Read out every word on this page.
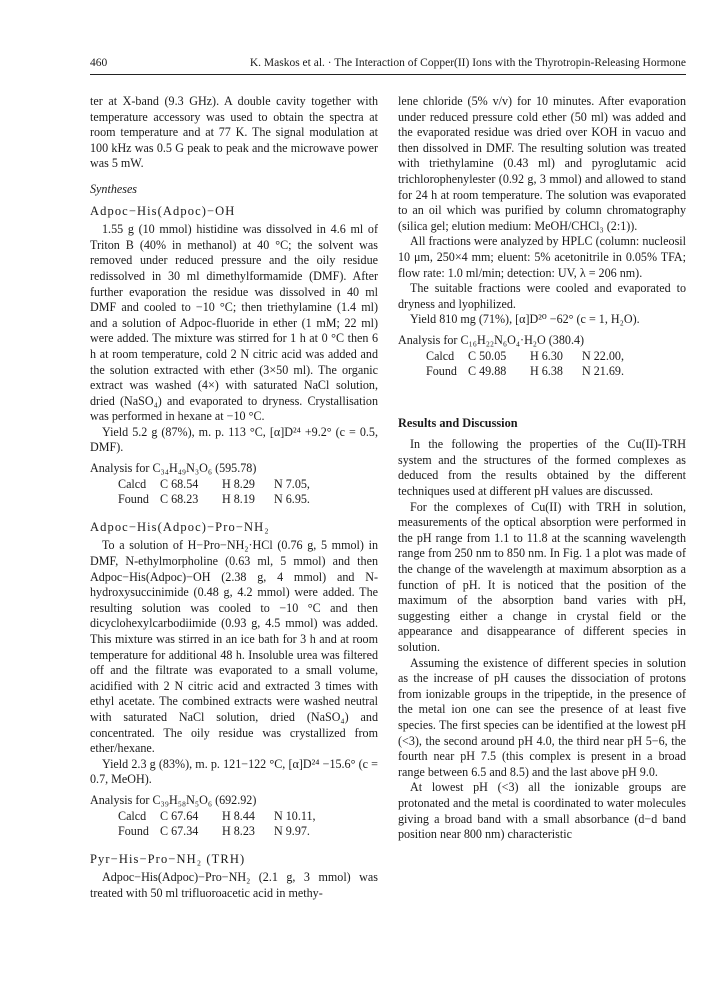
460	K. Maskos et al. · The Interaction of Copper(II) Ions with the Thyrotropin-Releasing Hormone

ter at X-band (9.3 GHz). A double cavity together with temperature accessory was used to obtain the spectra at room temperature and at 77 K. The signal modulation at 100 kHz was 0.5 G peak to peak and the microwave power was 5 mW.

Syntheses

Adpoc−His(Adpoc)−OH

1.55 g (10 mmol) histidine was dissolved in 4.6 ml of Triton B (40% in methanol) at 40 °C; the solvent was removed under reduced pressure and the oily residue redissolved in 30 ml dimethylformamide (DMF). After further evaporation the residue was dissolved in 40 ml DMF and cooled to −10 °C; then triethylamine (1.4 ml) and a solution of Adpoc-fluoride in ether (1 mM; 22 ml) were added. The mixture was stirred for 1 h at 0 °C then 6 h at room temperature, cold 2 N citric acid was added and the solution extracted with ether (3×50 ml). The organic extract was washed (4×) with saturated NaCl solution, dried (NaSO₄) and evaporated to dryness. Crystallisation was performed in hexane at −10 °C.

Yield 5.2 g (87%), m. p. 113 °C, [α]D²⁴ +9.2° (c = 0.5, DMF).

Analysis for C₃₄H₄₉N₃O₆ (595.78)

Calcd	C 68.54	H 8.29	N 7.05,
Found C 68.23	H 8.19	N 6.95.

Adpoc−His(Adpoc)−Pro−NH₂

To a solution of H−Pro−NH₂·HCl (0.76 g, 5 mmol) in DMF, N-ethylmorpholine (0.63 ml, 5 mmol) and then Adpoc−His(Adpoc)−OH (2.38 g, 4 mmol) and N-hydroxysuccinimide (0.48 g, 4.2 mmol) were added. The resulting solution was cooled to −10 °C and then dicyclohexylcarbodiimide (0.93 g, 4.5 mmol) was added. This mixture was stirred in an ice bath for 3 h and at room temperature for additional 48 h. Insoluble urea was filtered off and the filtrate was evaporated to a small volume, acidified with 2 N citric acid and extracted 3 times with ethyl acetate. The combined extracts were washed neutral with saturated NaCl solution, dried (NaSO₄) and concentrated. The oily residue was crystallized from ether/hexane.

Yield 2.3 g (83%), m. p. 121−122 °C, [α]D²⁴ −15.6° (c = 0.7, MeOH).

Analysis for C₃₉H₅₈N₅O₆ (692.92)

Calcd	C 67.64	H 8.44	N 10.11,
Found C 67.34	H 8.23	N 9.97.

Pyr−His−Pro−NH₂ (TRH)

Adpoc−His(Adpoc)−Pro−NH₂ (2.1 g, 3 mmol) was treated with 50 ml trifluoroacetic acid in methy-

lene chloride (5% v/v) for 10 minutes. After evaporation under reduced pressure cold ether (50 ml) was added and the evaporated residue was dried over KOH in vacuo and then dissolved in DMF. The resulting solution was treated with triethylamine (0.43 ml) and pyroglutamic acid trichlorophenylester (0.92 g, 3 mmol) and allowed to stand for 24 h at room temperature. The solution was evaporated to an oil which was purified by column chromatography (silica gel; elution medium: MeOH/CHCl₃ (2:1)).

All fractions were analyzed by HPLC (column: nucleosil 10 μm, 250×4 mm; eluent: 5% acetonitrile in 0.05% TFA; flow rate: 1.0 ml/min; detection: UV, λ = 206 nm).

The suitable fractions were cooled and evaporated to dryness and lyophilized.

Yield 810 mg (71%), [α]D²⁰ −62° (c = 1, H₂O).

Analysis for C₁₆H₂₂N₆O₄·H₂O (380.4)

Calcd	C 50.05	H 6.30	N 22.00,
Found C 49.88	H 6.38	N 21.69.

Results and Discussion

In the following the properties of the Cu(II)-TRH system and the structures of the formed complexes as deduced from the results obtained by the different techniques used at different pH values are discussed.

For the complexes of Cu(II) with TRH in solution, measurements of the optical absorption were performed in the pH range from 1.1 to 11.8 at the scanning wavelength range from 250 nm to 850 nm. In Fig. 1 a plot was made of the change of the wavelength at maximum absorption as a function of pH. It is noticed that the position of the maximum of the absorption band varies with pH, suggesting either a change in crystal field or the appearance and disappearance of different species in solution.

Assuming the existence of different species in solution as the increase of pH causes the dissociation of protons from ionizable groups in the tripeptide, in the presence of the metal ion one can see the presence of at least five species. The first species can be identified at the lowest pH (<3), the second around pH 4.0, the third near pH 5−6, the fourth near pH 7.5 (this complex is present in a broad range between 6.5 and 8.5) and the last above pH 9.0.

At lowest pH (<3) all the ionizable groups are protonated and the metal is coordinated to water molecules giving a broad band with a small absorbance (d−d band position near 800 nm) characteristic
